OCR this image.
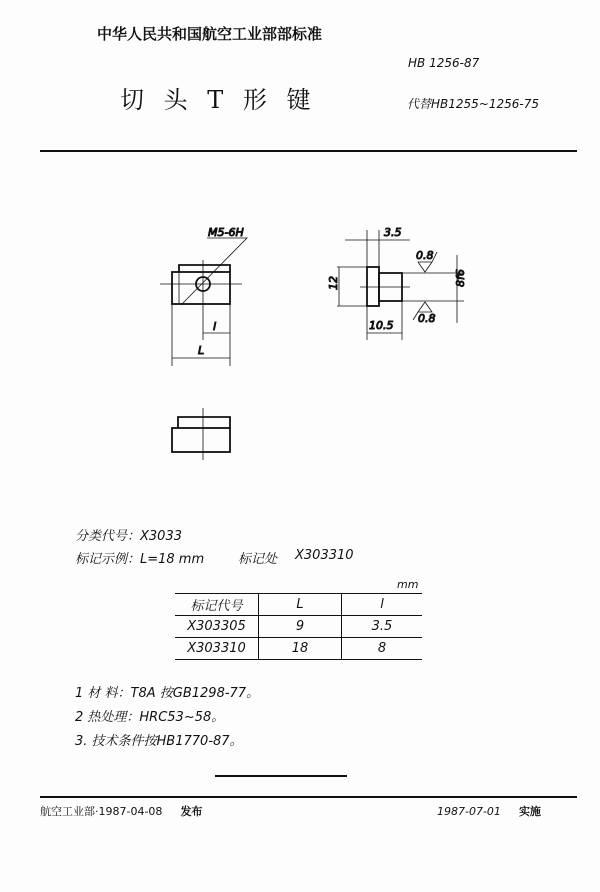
中华人民共和国航空工业部部标准
HB 1256-87
切 头 T 形 键	代替HB1255~1256-75
M5-6H
l
L
3.5
12
10.5
8f6
0.8
0.8
分类代号：X3033
标记示例：L=18 mm	标记处 X303310
mm
标记代号	L	l
X303305	9	3.5
X303310	18	8
1 材 料：T8A 按GB1298-77。
2 热处理：HRC53~58。
3. 技术条件按HB1770-87。
航空工业部·1987-04-08 发布	1987-07-01 实施
